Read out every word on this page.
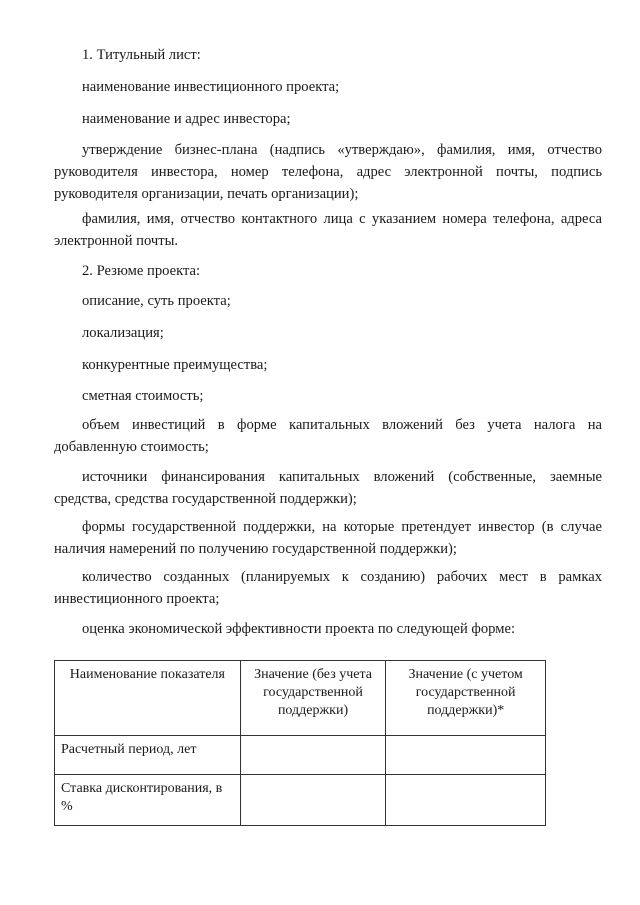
1. Титульный лист:

наименование инвестиционного проекта;

наименование и адрес инвестора;

утверждение бизнес-плана (надпись «утверждаю», фамилия, имя, отчество руководителя инвестора, номер телефона, адрес электронной почты, подпись руководителя организации, печать организации);

фамилия, имя, отчество контактного лица с указанием номера телефона, адреса электронной почты.

2. Резюме проекта:

описание, суть проекта;

локализация;

конкурентные преимущества;

сметная стоимость;

объем инвестиций в форме капитальных вложений без учета налога на добавленную стоимость;

источники финансирования капитальных вложений (собственные, заемные средства, средства государственной поддержки);

формы государственной поддержки, на которые претендует инвестор (в случае наличия намерений по получению государственной поддержки);

количество созданных (планируемых к созданию) рабочих мест в рамках инвестиционного проекта;

оценка экономической эффективности проекта по следующей форме:

Наименование показателя	Значение (без учета государственной поддержки)	Значение (с учетом государственной поддержки)*
Расчетный период, лет		
Ставка дисконтирования, в %		
